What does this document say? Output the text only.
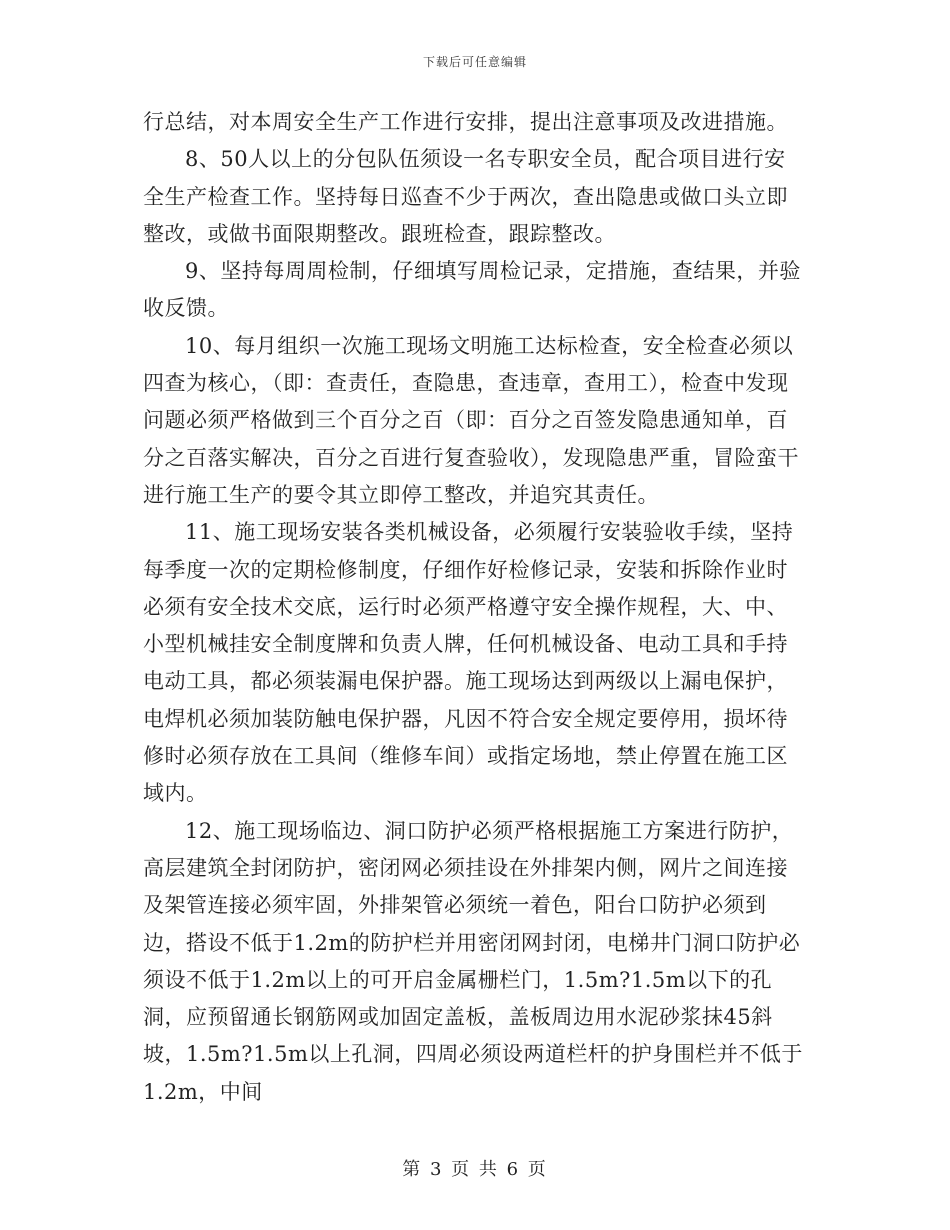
下载后可任意编辑

行总结，对本周安全生产工作进行安排，提出注意事项及改进措施。

8、50人以上的分包队伍须设一名专职安全员，配合项目进行安全生产检查工作。坚持每日巡查不少于两次，查出隐患或做口头立即整改，或做书面限期整改。跟班检查，跟踪整改。

9、坚持每周周检制，仔细填写周检记录，定措施，查结果，并验收反馈。

10、每月组织一次施工现场文明施工达标检查，安全检查必须以四查为核心，（即：查责任，查隐患，查违章，查用工），检查中发现问题必须严格做到三个百分之百（即：百分之百签发隐患通知单，百分之百落实解决，百分之百进行复查验收），发现隐患严重，冒险蛮干进行施工生产的要令其立即停工整改，并追究其责任。

11、施工现场安装各类机械设备，必须履行安装验收手续，坚持每季度一次的定期检修制度，仔细作好检修记录，安装和拆除作业时必须有安全技术交底，运行时必须严格遵守安全操作规程，大、中、小型机械挂安全制度牌和负责人牌，任何机械设备、电动工具和手持电动工具，都必须装漏电保护器。施工现场达到两级以上漏电保护，电焊机必须加装防触电保护器，凡因不符合安全规定要停用，损坏待修时必须存放在工具间（维修车间）或指定场地，禁止停置在施工区域内。

12、施工现场临边、洞口防护必须严格根据施工方案进行防护，高层建筑全封闭防护，密闭网必须挂设在外排架内侧，网片之间连接及架管连接必须牢固，外排架管必须统一着色，阳台口防护必须到边，搭设不低于1.2m的防护栏并用密闭网封闭，电梯井门洞口防护必须设不低于1.2m以上的可开启金属栅栏门，1.5m?1.5m以下的孔洞，应预留通长钢筋网或加固定盖板，盖板周边用水泥砂浆抹45斜坡，1.5m?1.5m以上孔洞，四周必须设两道栏杆的护身围栏并不低于1.2m，中间

第 3 页 共 6 页
